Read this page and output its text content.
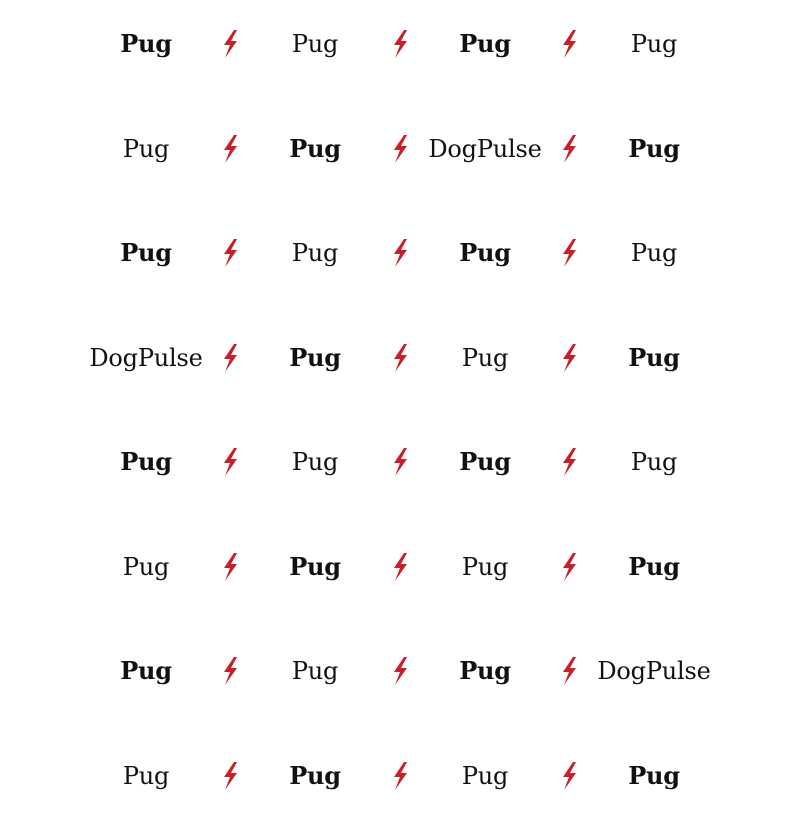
Pug	Pug	Pug	Pug
Pug	Pug	DogPulse	Pug
Pug	Pug	Pug	Pug
DogPulse	Pug	Pug	Pug
Pug	Pug	Pug	Pug
Pug	Pug	Pug	Pug
Pug	Pug	Pug	DogPulse
Pug	Pug	Pug	Pug
